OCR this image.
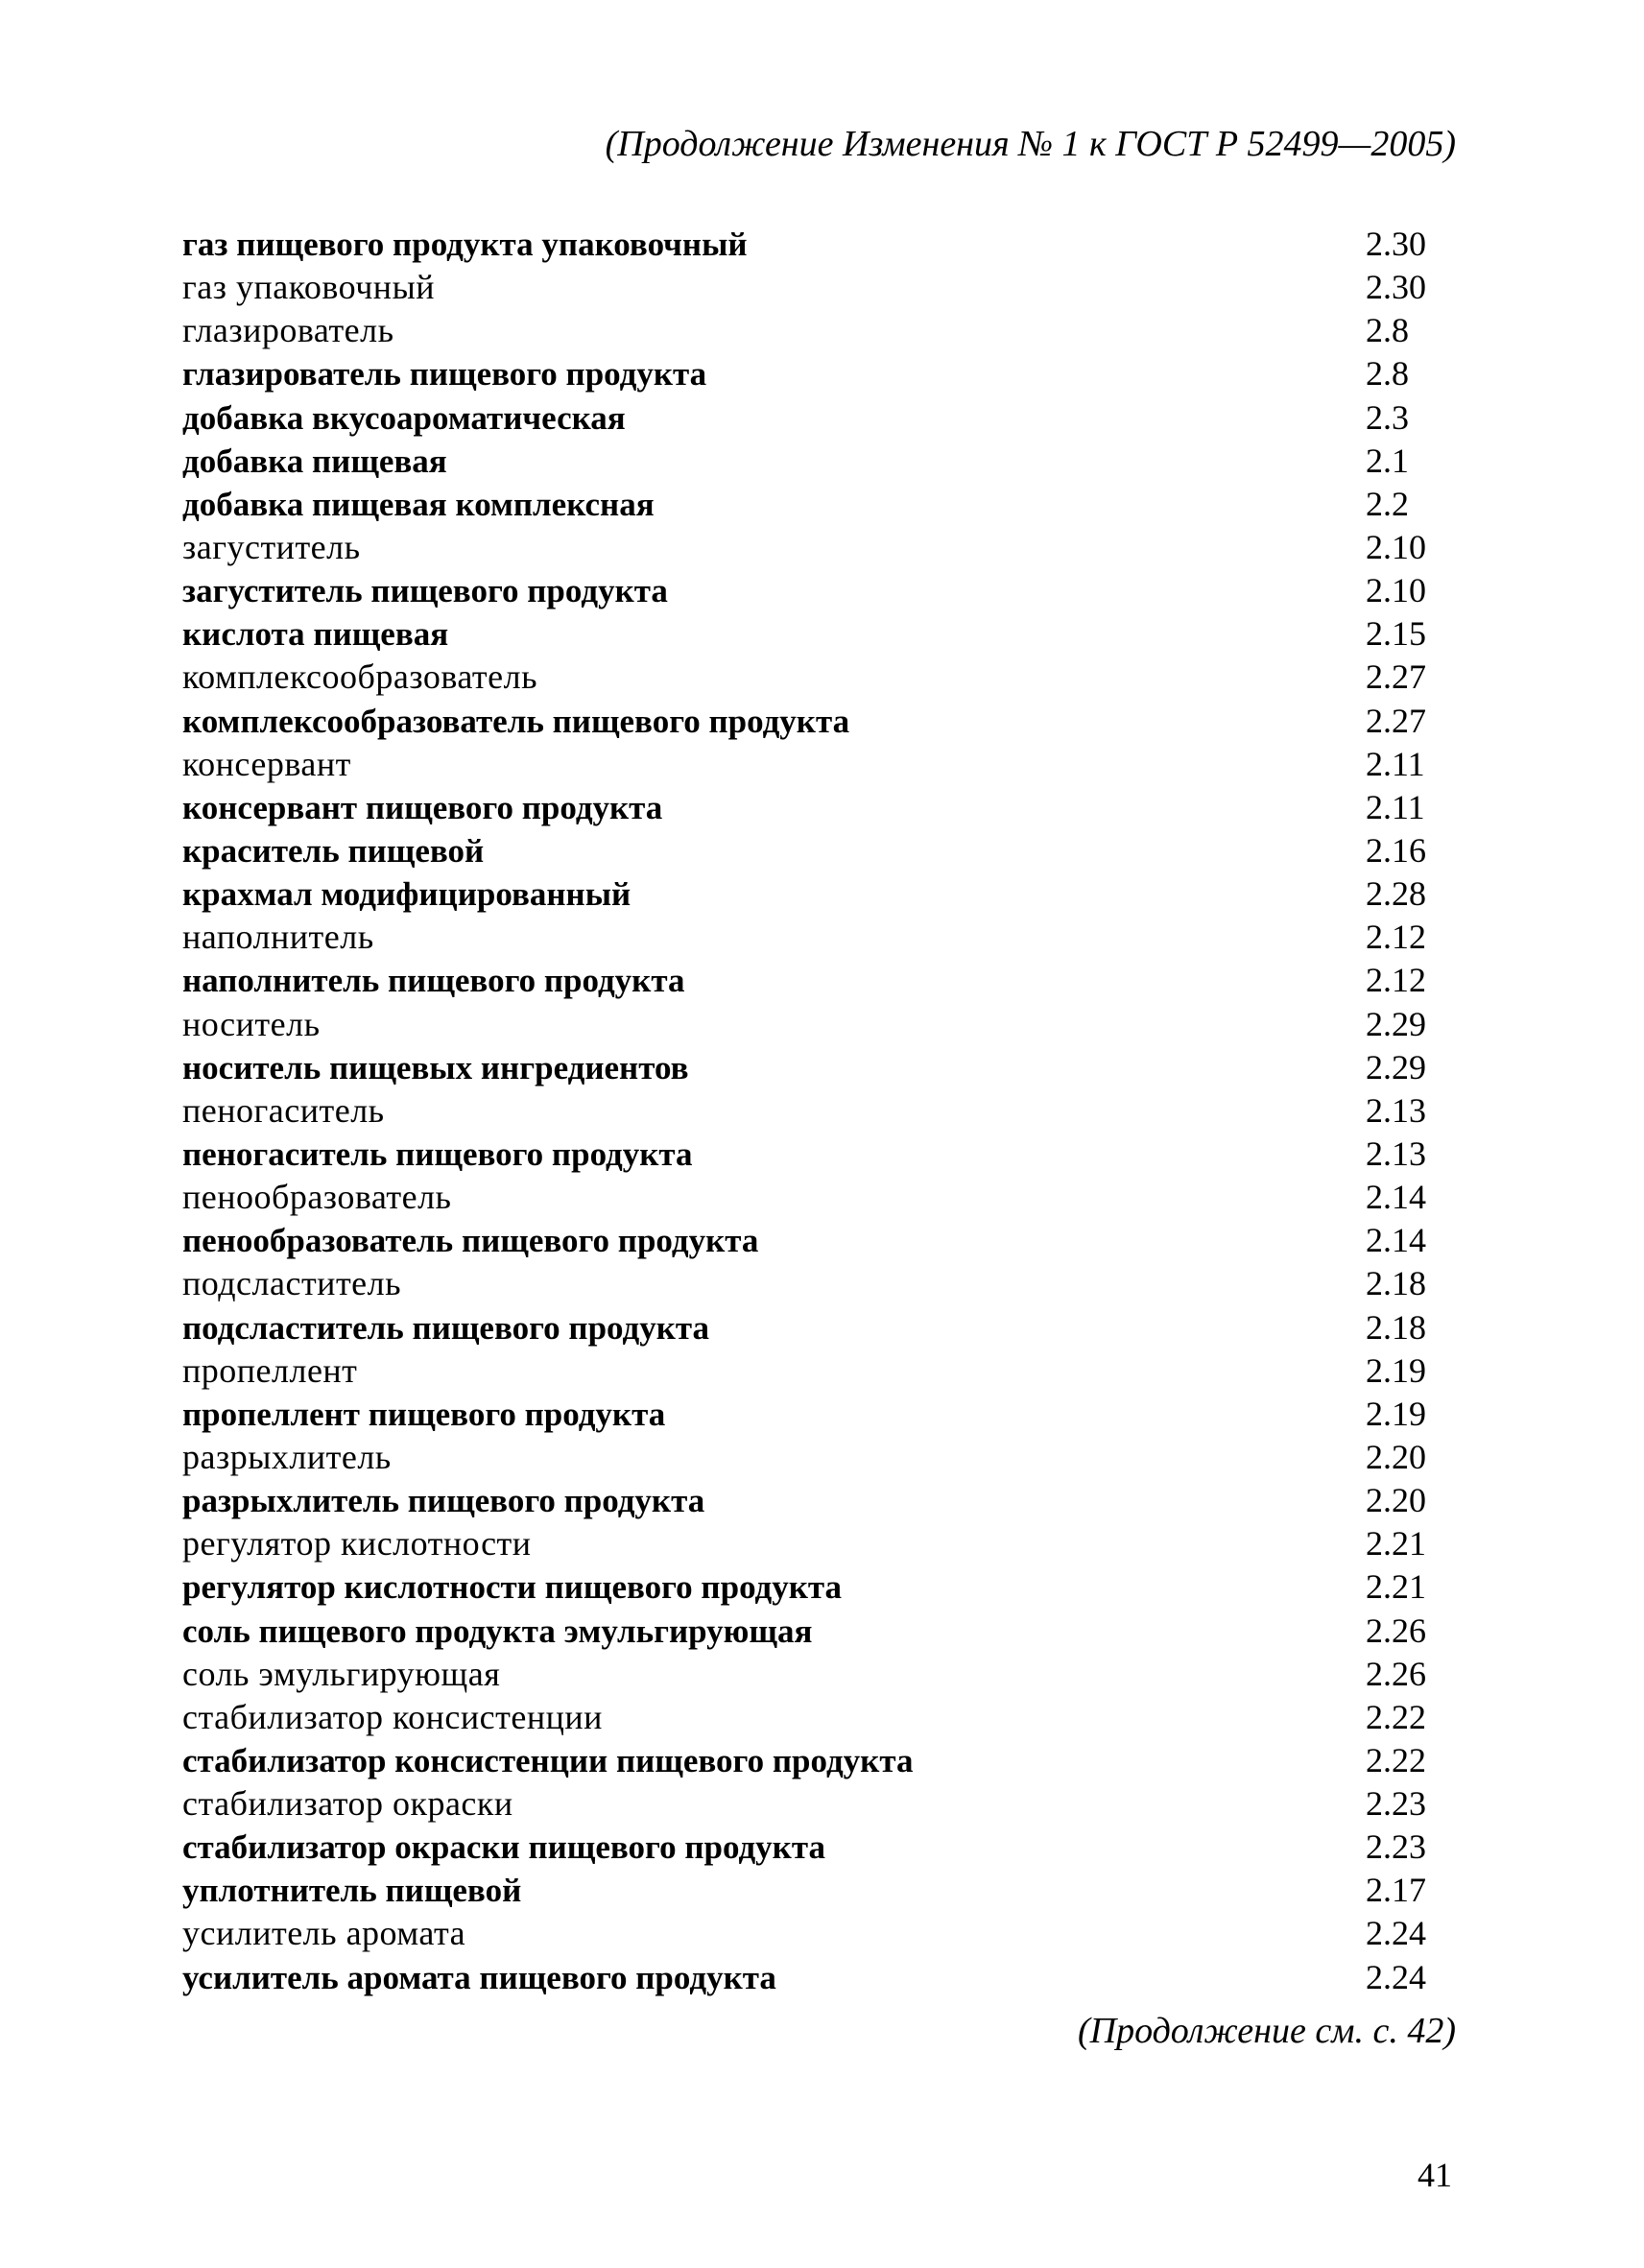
(Продолжение Изменения № 1 к ГОСТ Р 52499—2005)
газ пищевого продукта упаковочный	2.30
газ упаковочный	2.30
глазирователь	2.8
глазирователь пищевого продукта	2.8
добавка вкусоароматическая	2.3
добавка пищевая	2.1
добавка пищевая комплексная	2.2
загуститель	2.10
загуститель пищевого продукта	2.10
кислота пищевая	2.15
комплексообразователь	2.27
комплексообразователь пищевого продукта	2.27
консервант	2.11
консервант пищевого продукта	2.11
краситель пищевой	2.16
крахмал модифицированный	2.28
наполнитель	2.12
наполнитель пищевого продукта	2.12
носитель	2.29
носитель пищевых ингредиентов	2.29
пеногаситель	2.13
пеногаситель пищевого продукта	2.13
пенообразователь	2.14
пенообразователь пищевого продукта	2.14
подсластитель	2.18
подсластитель пищевого продукта	2.18
пропеллент	2.19
пропеллент пищевого продукта	2.19
разрыхлитель	2.20
разрыхлитель пищевого продукта	2.20
регулятор кислотности	2.21
регулятор кислотности пищевого продукта	2.21
соль пищевого продукта эмульгирующая	2.26
соль эмульгирующая	2.26
стабилизатор консистенции	2.22
стабилизатор консистенции пищевого продукта	2.22
стабилизатор окраски	2.23
стабилизатор окраски пищевого продукта	2.23
уплотнитель пищевой	2.17
усилитель аромата	2.24
усилитель аромата пищевого продукта	2.24
(Продолжение см. с. 42)
41
